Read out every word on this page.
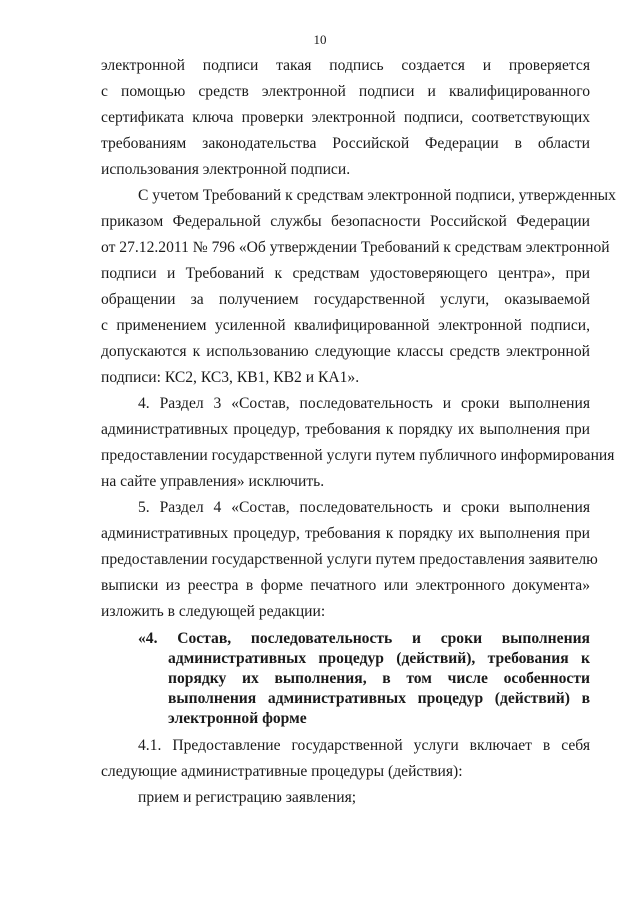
10
электронной подписи такая подпись создается и проверяется
с помощью средств электронной подписи и квалифицированного
сертификата ключа проверки электронной подписи, соответствующих
требованиям законодательства Российской Федерации в области
использования электронной подписи.
С учетом Требований к средствам электронной подписи, утвержденных
приказом Федеральной службы безопасности Российской Федерации
от 27.12.2011 № 796 «Об утверждении Требований к средствам электронной
подписи и Требований к средствам удостоверяющего центра», при
обращении за получением государственной услуги, оказываемой
с применением усиленной квалифицированной электронной подписи,
допускаются к использованию следующие классы средств электронной
подписи: КС2, КС3, КВ1, КВ2 и КА1».
4. Раздел 3 «Состав, последовательность и сроки выполнения
административных процедур, требования к порядку их выполнения при
предоставлении государственной услуги путем публичного информирования
на сайте управления» исключить.
5. Раздел 4 «Состав, последовательность и сроки выполнения
административных процедур, требования к порядку их выполнения при
предоставлении государственной услуги путем предоставления заявителю
выписки из реестра в форме печатного или электронного документа»
изложить в следующей редакции:
«4. Состав, последовательность и сроки выполнения
административных процедур (действий), требования к
порядку их выполнения, в том числе особенности
выполнения административных процедур (действий) в
электронной форме
4.1. Предоставление государственной услуги включает в себя
следующие административные процедуры (действия):
прием и регистрацию заявления;
